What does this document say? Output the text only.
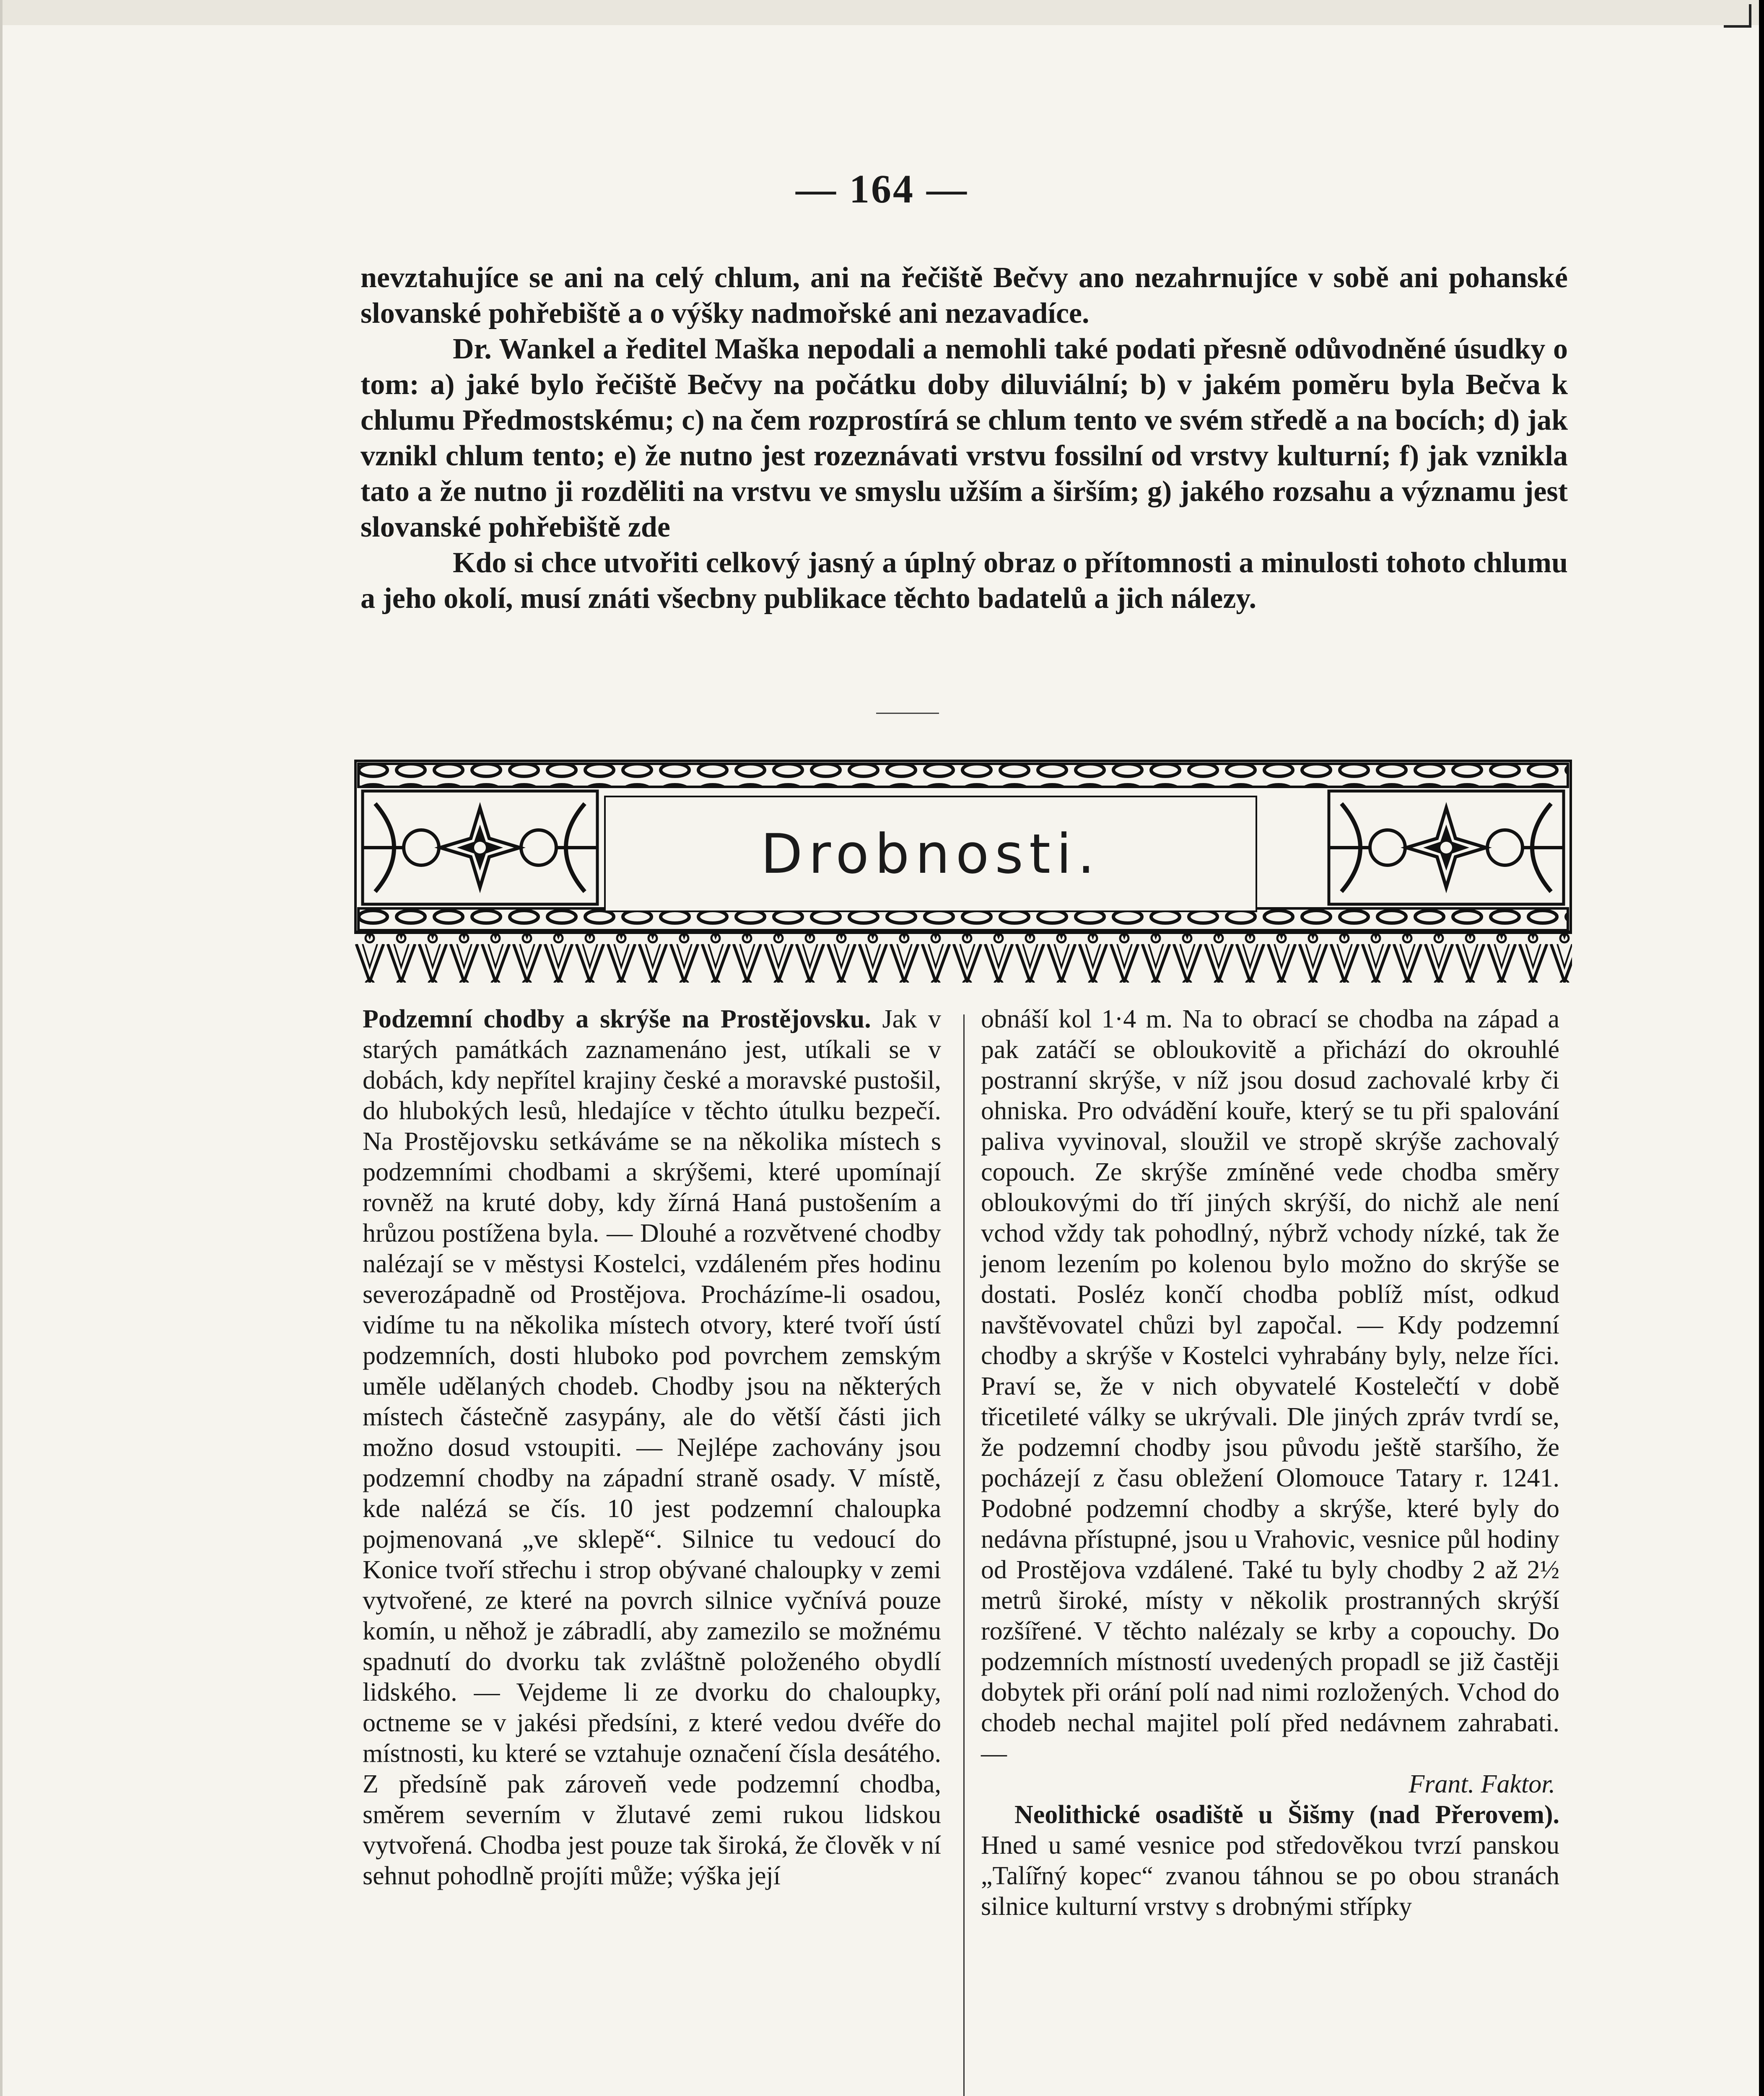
— 164 —

nevztahujíce se ani na celý chlum, ani na řečiště Bečvy ano nezahrnujíce v sobě ani pohanské slovanské pohřebiště a o výšky nadmořské ani nezavadíce.

Dr. Wankel a ředitel Maška nepodali a nemohli také podati přesně odůvodněné úsudky o tom: a) jaké bylo řečiště Bečvy na počátku doby diluviální; b) v jakém poměru byla Bečva k chlumu Předmostskému; c) na čem rozprostírá se chlum tento ve svém středě a na bocích; d) jak vznikl chlum tento; e) že nutno jest rozeznávati vrstvu fossilní od vrstvy kulturní; f) jak vznikla tato a že nutno ji rozděliti na vrstvu ve smyslu užším a širším; g) jakého rozsahu a významu jest slovanské pohřebiště zde

Kdo si chce utvořiti celkový jasný a úplný obraz o přítomnosti a minulosti tohoto chlumu a jeho okolí, musí znáti všecbny publikace těchto badatelů a jich nálezy.

Drobnosti.

Podzemní chodby a skrýše na Prostějovsku. Jak v starých památkách zaznamenáno jest, utíkali se v dobách, kdy nepřítel krajiny české a moravské pustošil, do hlubokých lesů, hledajíce v těchto útulku bezpečí. Na Prostějovsku setkáváme se na několika místech s podzemními chodbami a skrýšemi, které upomínají rovněž na kruté doby, kdy žírná Haná pustošením a hrůzou postížena byla. — Dlouhé a rozvětvené chodby nalézají se v městysi Kostelci, vzdáleném přes hodinu severozápadně od Prostějova. Procházíme-li osadou, vidíme tu na několika místech otvory, které tvoří ústí podzemních, dosti hluboko pod povrchem zemským uměle udělaných chodeb. Chodby jsou na některých místech částečně zasypány, ale do větší části jich možno dosud vstoupiti. — Nejlépe zachovány jsou podzemní chodby na západní straně osady. V místě, kde nalézá se čís. 10 jest podzemní chaloupka pojmenovaná „ve sklepě“. Silnice tu vedoucí do Konice tvoří střechu i strop obývané chaloupky v zemi vytvořené, ze které na povrch silnice vyčnívá pouze komín, u něhož je zábradlí, aby zamezilo se možnému spadnutí do dvorku tak zvláštně položeného obydlí lidského. — Vejdeme li ze dvorku do chaloupky, octneme se v jakési předsíni, z které vedou dvéře do místnosti, ku které se vztahuje označení čísla desátého. Z předsíně pak zároveň vede podzemní chodba, směrem severním v žlutavé zemi rukou lidskou vytvořená. Chodba jest pouze tak široká, že člověk v ní sehnut pohodlně projíti může; výška její

obnáší kol 1·4 m. Na to obrací se chodba na západ a pak zatáčí se obloukovitě a přichází do okrouhlé postranní skrýše, v níž jsou dosud zachovalé krby či ohniska. Pro odvádění kouře, který se tu při spalování paliva vyvinoval, sloužil ve stropě skrýše zachovalý copouch. Ze skrýše zmíněné vede chodba směry obloukovými do tří jiných skrýší, do nichž ale není vchod vždy tak pohodlný, nýbrž vchody nízké, tak že jenom lezením po kolenou bylo možno do skrýše se dostati. Posléz končí chodba poblíž míst, odkud navštěvovatel chůzi byl započal. — Kdy podzemní chodby a skrýše v Kostelci vyhrabány byly, nelze říci. Praví se, že v nich obyvatelé Kostelečtí v době třicetileté války se ukrývali. Dle jiných zpráv tvrdí se, že podzemní chodby jsou původu ještě staršího, že pocházejí z času obležení Olomouce Tatary r. 1241. Podobné podzemní chodby a skrýše, které byly do nedávna přístupné, jsou u Vrahovic, vesnice půl hodiny od Prostějova vzdálené. Také tu byly chodby 2 až 2½ metrů široké, místy v několik prostranných skrýší rozšířené. V těchto nalézaly se krby a copouchy. Do podzemních místností uvedených propadl se již častěji dobytek při orání polí nad nimi rozložených. Vchod do chodeb nechal majitel polí před nedávnem zahrabati. —

Frant. Faktor.

Neolithické osadiště u Šišmy (nad Přerovem). Hned u samé vesnice pod středověkou tvrzí panskou „Talířný kopec“ zvanou táhnou se po obou stranách silnice kulturní vrstvy s drobnými střípky
